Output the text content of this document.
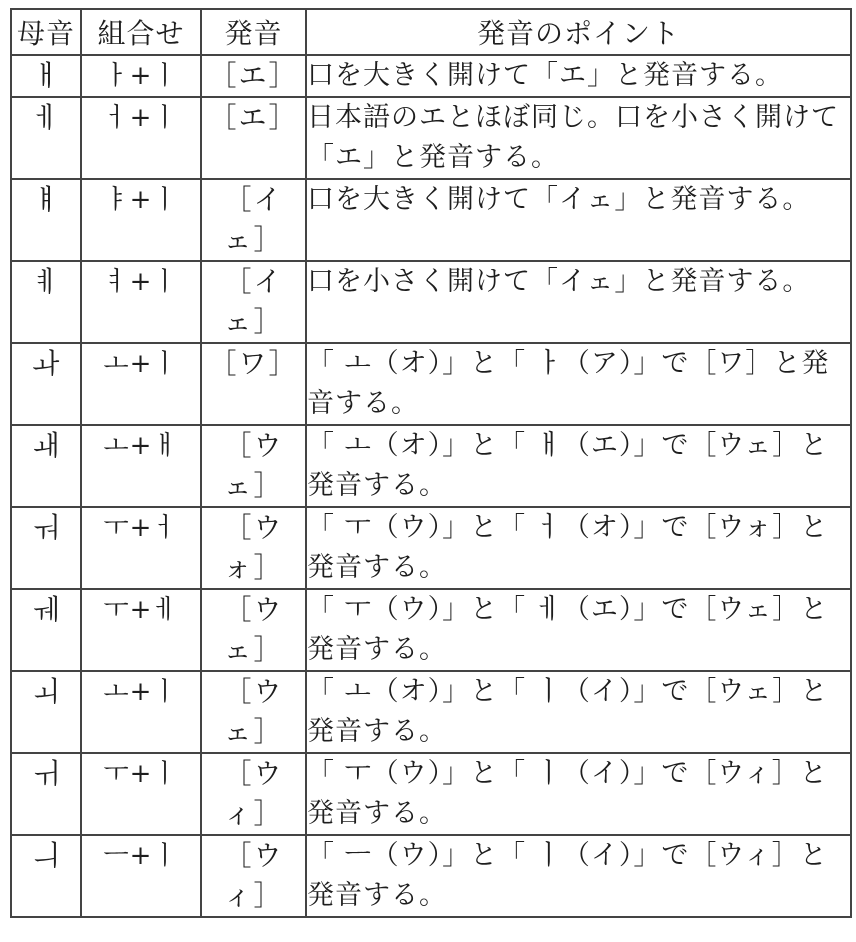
母音	組合せ	発音	発音のポイント
ㅐ	ㅏ+ㅣ	［エ］	口を大きく開けて「エ」と発音する。
ㅔ	ㅓ+ㅣ	［エ］	日本語のエとほぼ同じ。口を小さく開けて「エ」と発音する。
ㅒ	ㅑ+ㅣ	［イェ］	口を大きく開けて「イェ」と発音する。
ㅖ	ㅕ+ㅣ	［イェ］	口を小さく開けて「イェ」と発音する。
ㅘ	ㅗ+ㅣ	［ワ］	「 ㅗ（オ）」と「 ㅏ（ア）」で［ワ］と発音する。
ㅙ	ㅗ+ㅐ	［ウェ］	「 ㅗ（オ）」と「 ㅐ（エ）」で［ウェ］と発音する。
ㅝ	ㅜ+ㅓ	［ウォ］	「 ㅜ（ウ）」と「 ㅓ（オ）」で［ウォ］と発音する。
ㅞ	ㅜ+ㅔ	［ウェ］	「 ㅜ（ウ）」と「 ㅔ（エ）」で［ウェ］と発音する。
ㅚ	ㅗ+ㅣ	［ウェ］	「 ㅗ（オ）」と「 ㅣ（イ）」で［ウェ］と発音する。
ㅟ	ㅜ+ㅣ	［ウィ］	「 ㅜ（ウ）」と「 ㅣ（イ）」で［ウィ］と発音する。
ㅢ	ㅡ+ㅣ	［ウィ］	「 ㅡ（ウ）」と「 ㅣ（イ）」で［ウィ］と発音する。
